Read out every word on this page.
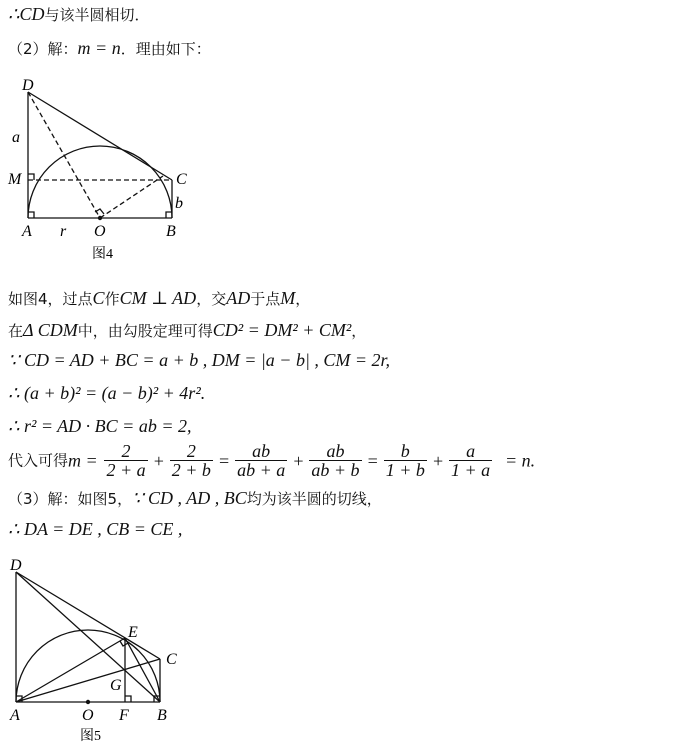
∴CD与该半圆相切．
（2）解：m = n．理由如下：
D
a
M	C
b
A r O	B
图4
如图4，过点C作CM ⊥ AD，交AD于点M，
在Δ CDM中，由勾股定理可得CD² = DM² + CM²，
∵ CD = AD + BC = a + b , DM = |a − b| , CM = 2r,
∴ (a + b)² = (a − b)² + 4r².
∴ r² = AD · BC = ab = 2,
代入可得$m = \frac{2}{2 + a} + \frac{2}{2 + b} = \frac{ab}{ab + a} + \frac{ab}{ab + b} = \frac{b}{1 + b} + \frac{a}{1 + a} = n$.
（3）解：如图5，∵ CD , AD , BC均为该半圆的切线，
∴ DA = DE , CB = CE ,
D
E
C
G
A	O F B
图5
